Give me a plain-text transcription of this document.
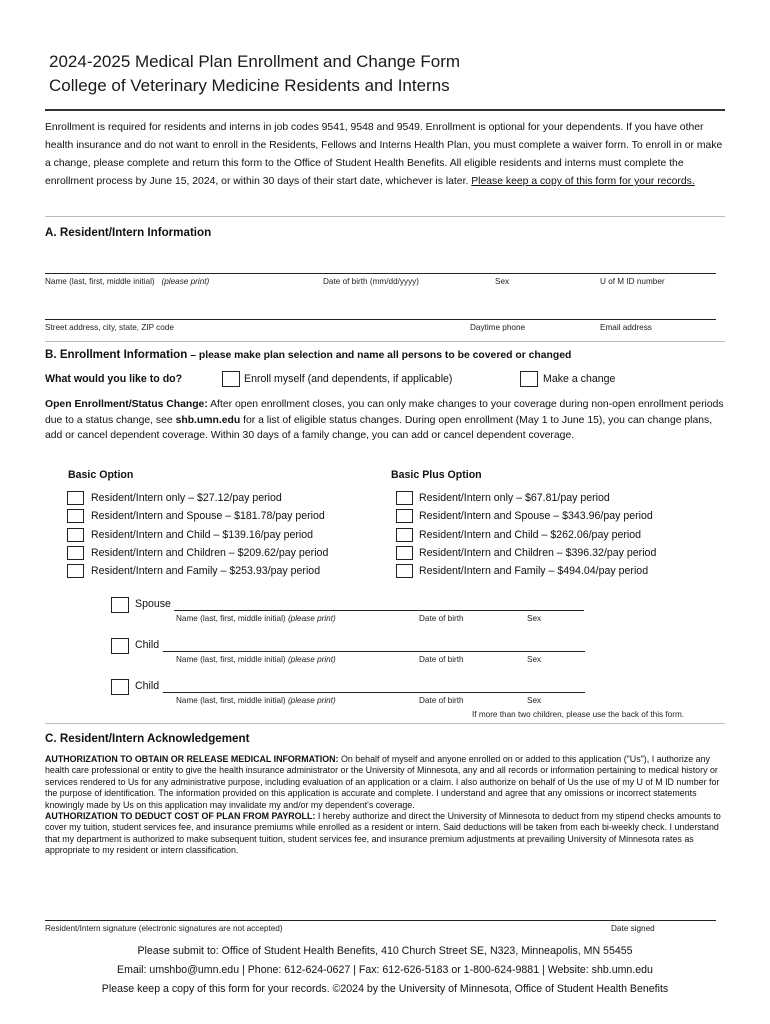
2024-2025 Medical Plan Enrollment and Change Form
College of Veterinary Medicine Residents and Interns
Enrollment is required for residents and interns in job codes 9541, 9548 and 9549. Enrollment is optional for your dependents. If you have other health insurance and do not want to enroll in the Residents, Fellows and Interns Health Plan, you must complete a waiver form. To enroll in or make a change, please complete and return this form to the Office of Student Health Benefits. All eligible residents and interns must complete the enrollment process by June 15, 2024, or within 30 days of their start date, whichever is later. Please keep a copy of this form for your records.
A. Resident/Intern Information
Name (last, first, middle initial) (please print)	Date of birth (mm/dd/yyyy)	Sex	U of M ID number
Street address, city, state, ZIP code	Daytime phone	Email address
B. Enrollment Information – please make plan selection and name all persons to be covered or changed
What would you like to do?	Enroll myself (and dependents, if applicable)	Make a change
Open Enrollment/Status Change: After open enrollment closes, you can only make changes to your coverage during non-open enrollment periods due to a status change, see shb.umn.edu for a list of eligible status changes. During open enrollment (May 1 to June 15), you can change plans, add or cancel dependent coverage. Within 30 days of a family change, you can add or cancel dependent coverage.
Basic Option	Basic Plus Option
Resident/Intern only – $27.12/pay period
Resident/Intern and Spouse – $181.78/pay period
Resident/Intern and Child – $139.16/pay period
Resident/Intern and Children – $209.62/pay period
Resident/Intern and Family – $253.93/pay period
Resident/Intern only – $67.81/pay period
Resident/Intern and Spouse – $343.96/pay period
Resident/Intern and Child – $262.06/pay period
Resident/Intern and Children – $396.32/pay period
Resident/Intern and Family – $494.04/pay period
Spouse
Name (last, first, middle initial) (please print)	Date of birth	Sex
Child
Name (last, first, middle initial) (please print)	Date of birth	Sex
Child
Name (last, first, middle initial) (please print)	Date of birth	Sex
If more than two children, please use the back of this form.
C. Resident/Intern Acknowledgement
AUTHORIZATION TO OBTAIN OR RELEASE MEDICAL INFORMATION: On behalf of myself and anyone enrolled on or added to this application ("Us"), I authorize any health care professional or entity to give the health insurance administrator or the University of Minnesota, any and all records or information pertaining to medical history or services rendered to Us for any administrative purpose, including evaluation of an application or a claim. I also authorize on behalf of Us the use of my U of M ID number for the purpose of identification. The information provided on this application is accurate and complete. I understand and agree that any omissions or incorrect statements knowingly made by Us on this application may invalidate my and/or my dependent's coverage.
AUTHORIZATION TO DEDUCT COST OF PLAN FROM PAYROLL: I hereby authorize and direct the University of Minnesota to deduct from my stipend checks amounts to cover my tuition, student services fee, and insurance premiums while enrolled as a resident or intern. Said deductions will be taken from each bi-weekly check. I understand that my department is authorized to make subsequent tuition, student services fee, and insurance premium adjustments at prevailing University of Minnesota rates as appropriate to my resident or intern classification.
Resident/Intern signature (electronic signatures are not accepted)	Date signed
Please submit to: Office of Student Health Benefits, 410 Church Street SE, N323, Minneapolis, MN 55455
Email: umshbo@umn.edu | Phone: 612-624-0627 | Fax: 612-626-5183 or 1-800-624-9881 | Website: shb.umn.edu
Please keep a copy of this form for your records. ©2024 by the University of Minnesota, Office of Student Health Benefits
